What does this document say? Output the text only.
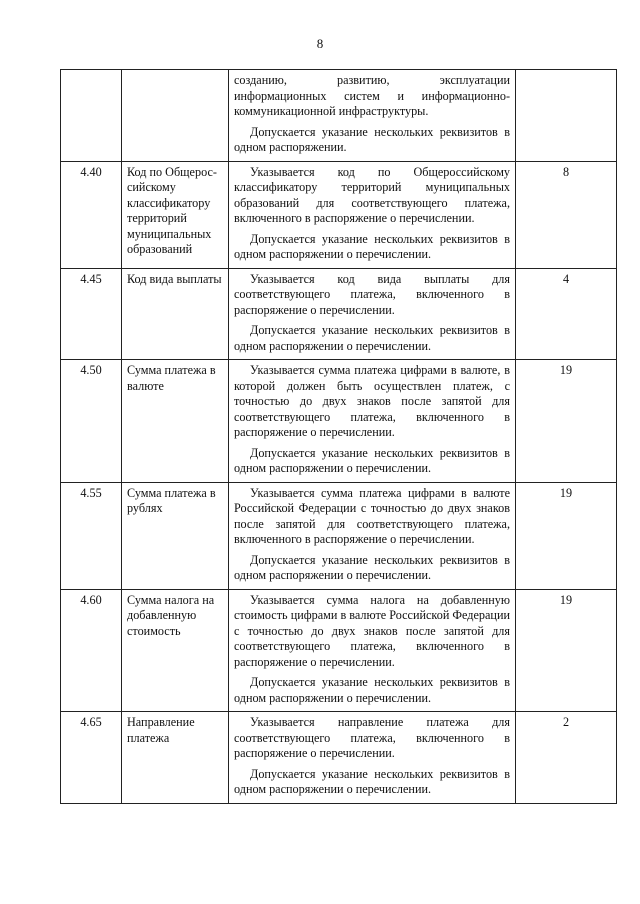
8

		созданию, развитию, эксплуатации информационных систем и информационно-коммуникационной инфраструктуры.

Допускается указание нескольких реквизитов в одном распоряжении.	

4.40	Код по Общерос-сийскому классификатору территорий муниципальных образований	Указывается код по Общероссийскому классификатору территорий муниципальных образований для соответствующего платежа, включенного в распоряжение о перечислении.

Допускается указание нескольких реквизитов в одном распоряжении о перечислении.	8
4.45	Код вида выплаты	Указывается код вида выплаты для соответствующего платежа, включенного в распоряжение о перечислении.

Допускается указание нескольких реквизитов в одном распоряжении о перечислении.	4
4.50	Сумма платежа в валюте	Указывается сумма платежа цифрами в валюте, в которой должен быть осуществлен платеж, с точностью до двух знаков после запятой для соответствующего платежа, включенного в распоряжение о перечислении.

Допускается указание нескольких реквизитов в одном распоряжении о перечислении.	19
4.55	Сумма платежа в рублях	Указывается сумма платежа цифрами в валюте Российской Федерации с точностью до двух знаков после запятой для соответствующего платежа, включенного в распоряжение о перечислении.

Допускается указание нескольких реквизитов в одном распоряжении о перечислении.	19
4.60	Сумма налога на добавленную стоимость	Указывается сумма налога на добавленную стоимость цифрами в валюте Российской Федерации с точностью до двух знаков после запятой для соответствующего платежа, включенного в распоряжение о перечислении.

Допускается указание нескольких реквизитов в одном распоряжении о перечислении.	19
4.65	Направление платежа	Указывается направление платежа для соответствующего платежа, включенного в распоряжение о перечислении.

Допускается указание нескольких реквизитов в одном распоряжении о перечислении.	2
